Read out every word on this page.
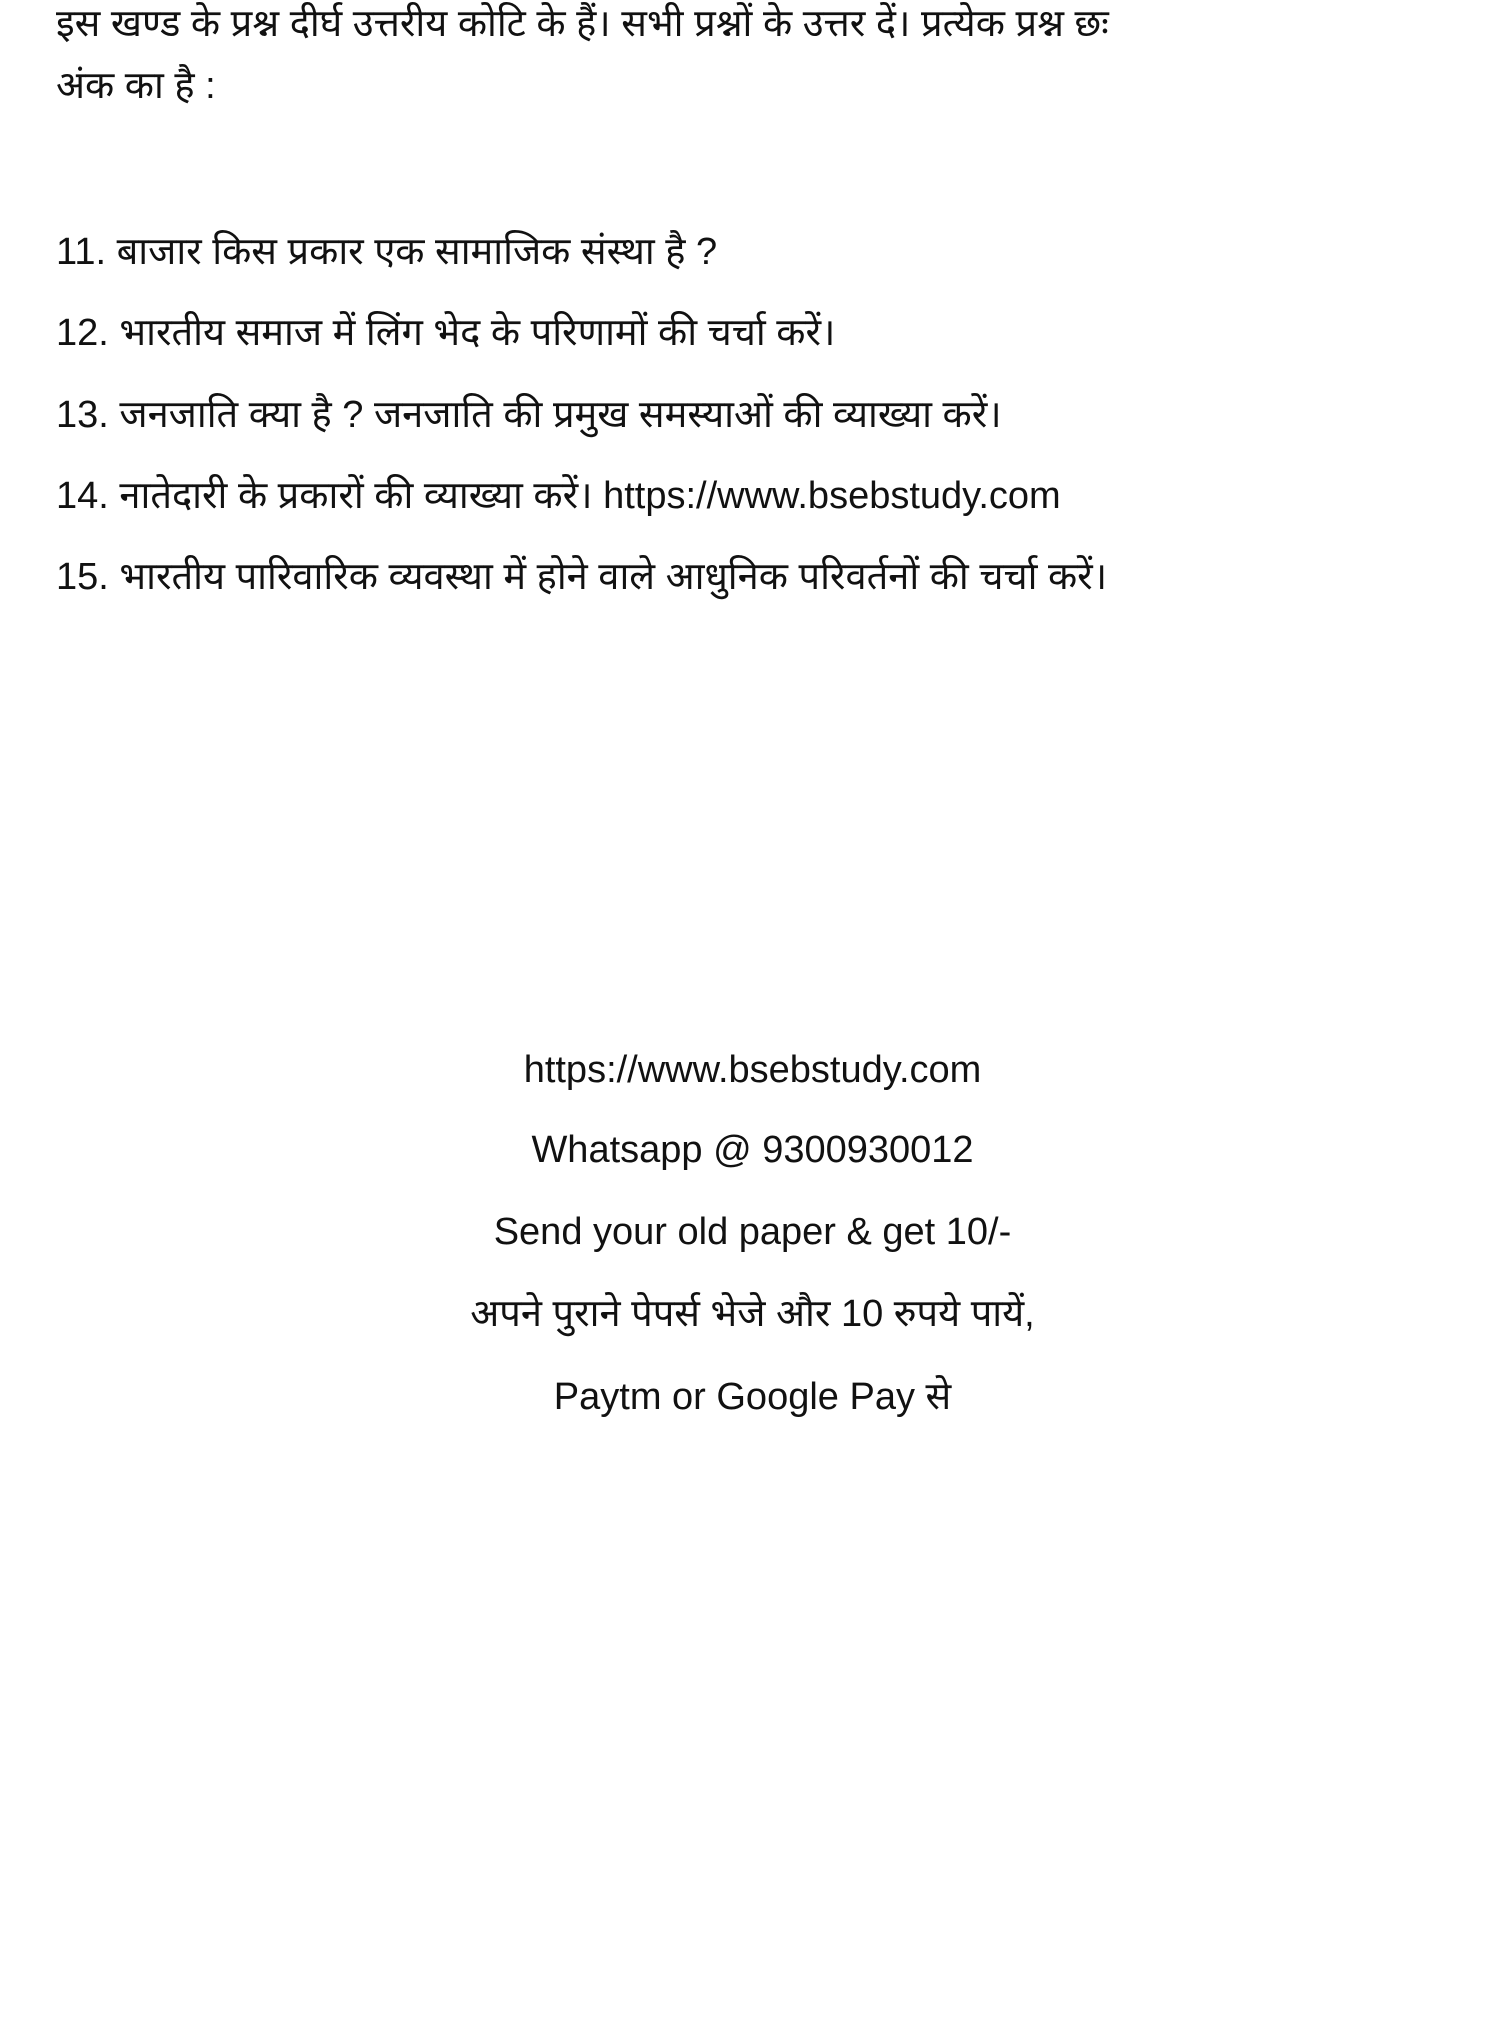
इस खण्ड के प्रश्न दीर्घ उत्तरीय कोटि के हैं। सभी प्रश्नों के उत्तर दें। प्रत्येक प्रश्न छः
अंक का है :
11. बाजार किस प्रकार एक सामाजिक संस्था है ?
12. भारतीय समाज में लिंग भेद के परिणामों की चर्चा करें।
13. जनजाति क्या है ? जनजाति की प्रमुख समस्याओं की व्याख्या करें।
14. नातेदारी के प्रकारों की व्याख्या करें। https://www.bsebstudy.com
15. भारतीय पारिवारिक व्यवस्था में होने वाले आधुनिक परिवर्तनों की चर्चा करें।
https://www.bsebstudy.com
Whatsapp @ 9300930012
Send your old paper & get 10/-
अपने पुराने पेपर्स भेजे और 10 रुपये पायें,
Paytm or Google Pay से
